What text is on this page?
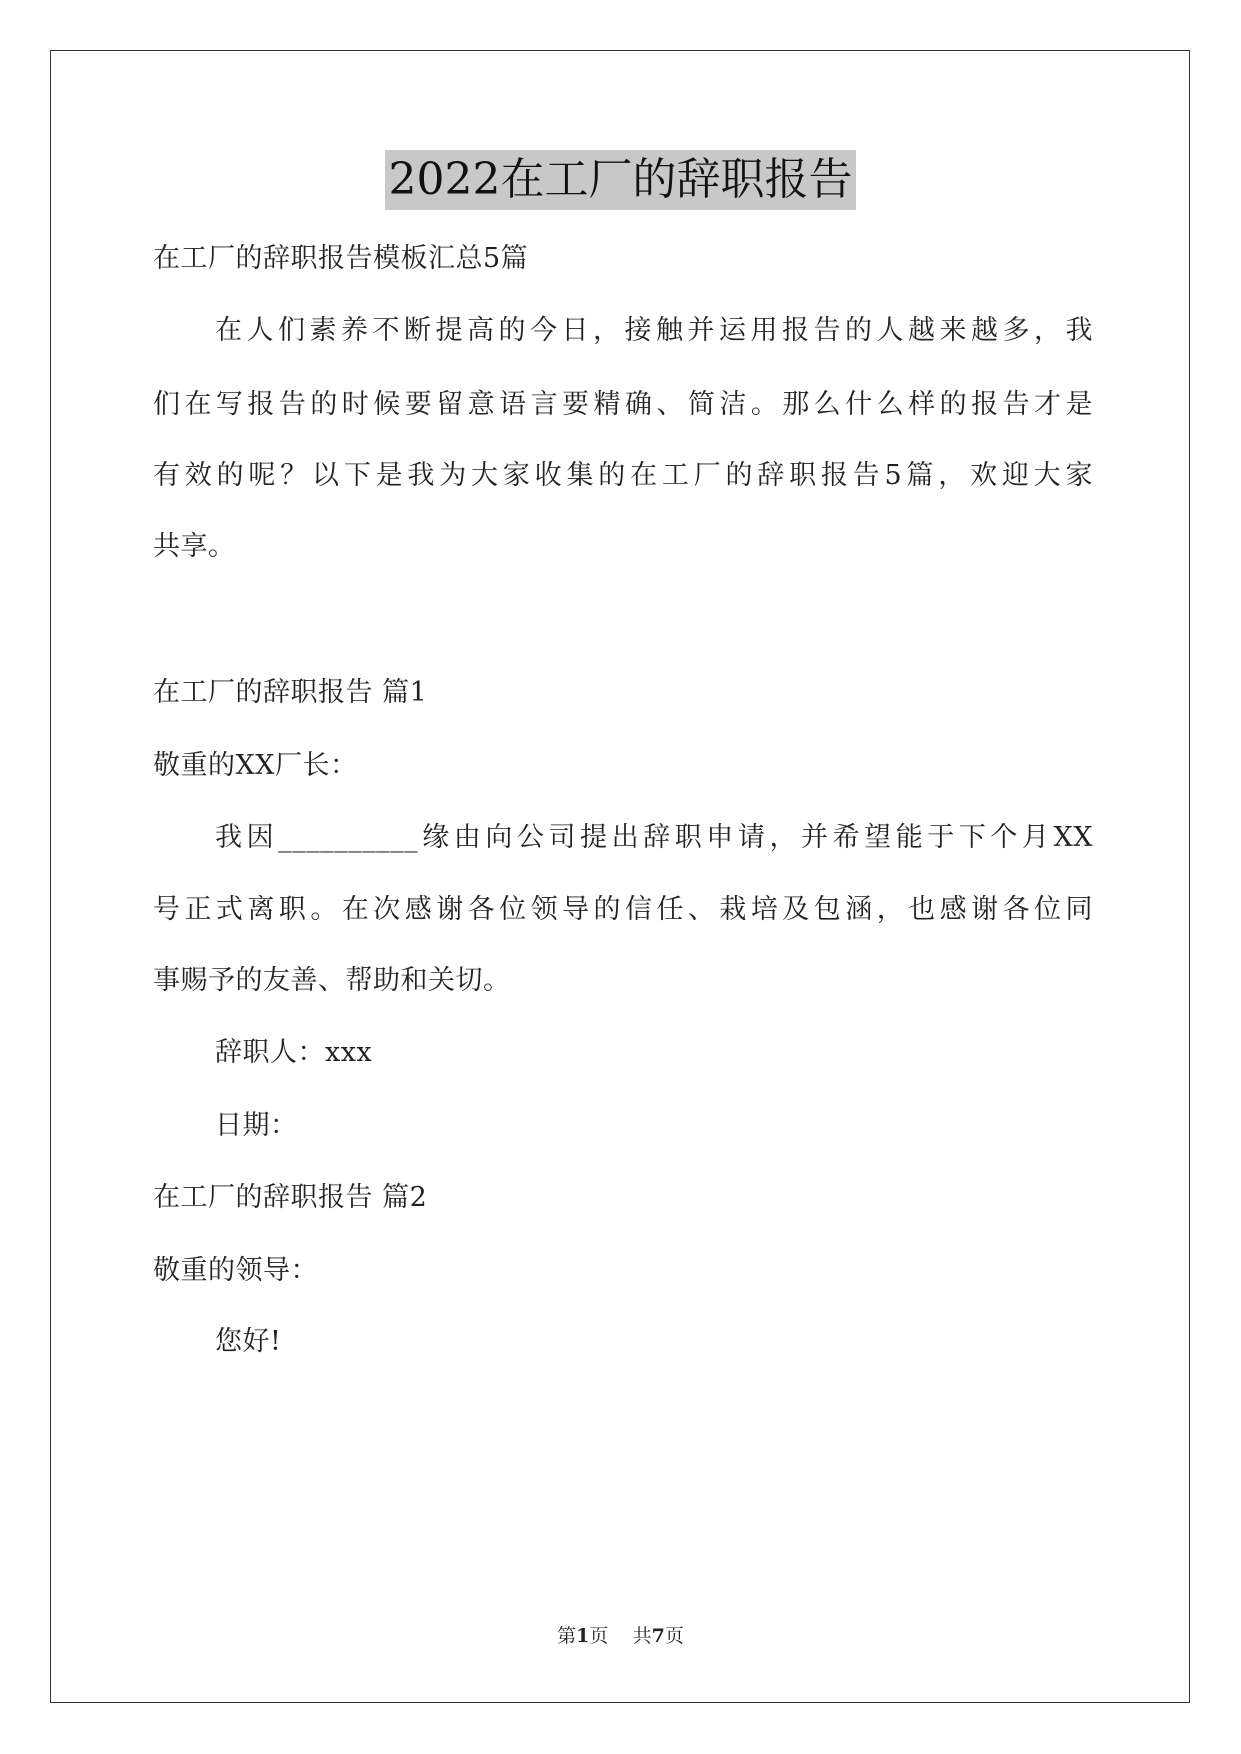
2022在工厂的辞职报告
在工厂的辞职报告模板汇总5篇
在人们素养不断提高的今日，接触并运用报告的人越来越多，我
们在写报告的时候要留意语言要精确、简洁。那么什么样的报告才是
有效的呢？以下是我为大家收集的在工厂的辞职报告5篇，欢迎大家
共享。
在工厂的辞职报告 篇1
敬重的XX厂长：
我因__________缘由向公司提出辞职申请，并希望能于下个月XX
号正式离职。在次感谢各位领导的信任、栽培及包涵，也感谢各位同
事赐予的友善、帮助和关切。
辞职人：xxx
日期：
在工厂的辞职报告 篇2
敬重的领导：
您好!
第1页    共7页
